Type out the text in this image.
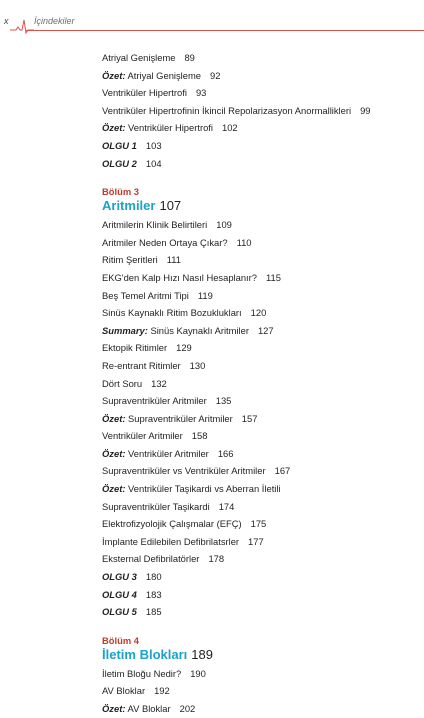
x	İçindekiler
Atriyal Genişleme 89
Özet: Atriyal Genişleme 92
Ventriküler Hipertrofi 93
Ventriküler Hipertrofinin İkincil Repolarizasyon Anormallikleri 99
Özet: Ventriküler Hipertrofi 102
OLGU 1 103
OLGU 2 104
Bölüm 3
Aritmiler 107
Aritmilerin Klinik Belirtileri 109
Aritmiler Neden Ortaya Çıkar? 110
Ritim Şeritleri 111
EKG'den Kalp Hızı Nasıl Hesaplanır? 115
Beş Temel Aritmi Tipi 119
Sinüs Kaynaklı Ritim Bozuklukları 120
Summary: Sinüs Kaynaklı Aritmiler 127
Ektopik Ritimler 129
Re-entrant Ritimler 130
Dört Soru 132
Supraventriküler Aritmiler 135
Özet: Supraventriküler Aritmiler 157
Ventriküler Aritmiler 158
Özet: Ventriküler Aritmiler 166
Supraventriküler vs Ventriküler Aritmiler 167
Özet: Ventriküler Taşikardi vs Aberran İletili
Supraventriküler Taşikardi 174
Elektrofizyolojik Çalışmalar (EFÇ) 175
İmplante Edilebilen Defibrilatsrler 177
Eksternal Defibrilatörler 178
OLGU 3 180
OLGU 4 183
OLGU 5 185
Bölüm 4
İletim Blokları 189
İletim Bloğu Nedir? 190
AV Bloklar 192
Özet: AV Bloklar 202
